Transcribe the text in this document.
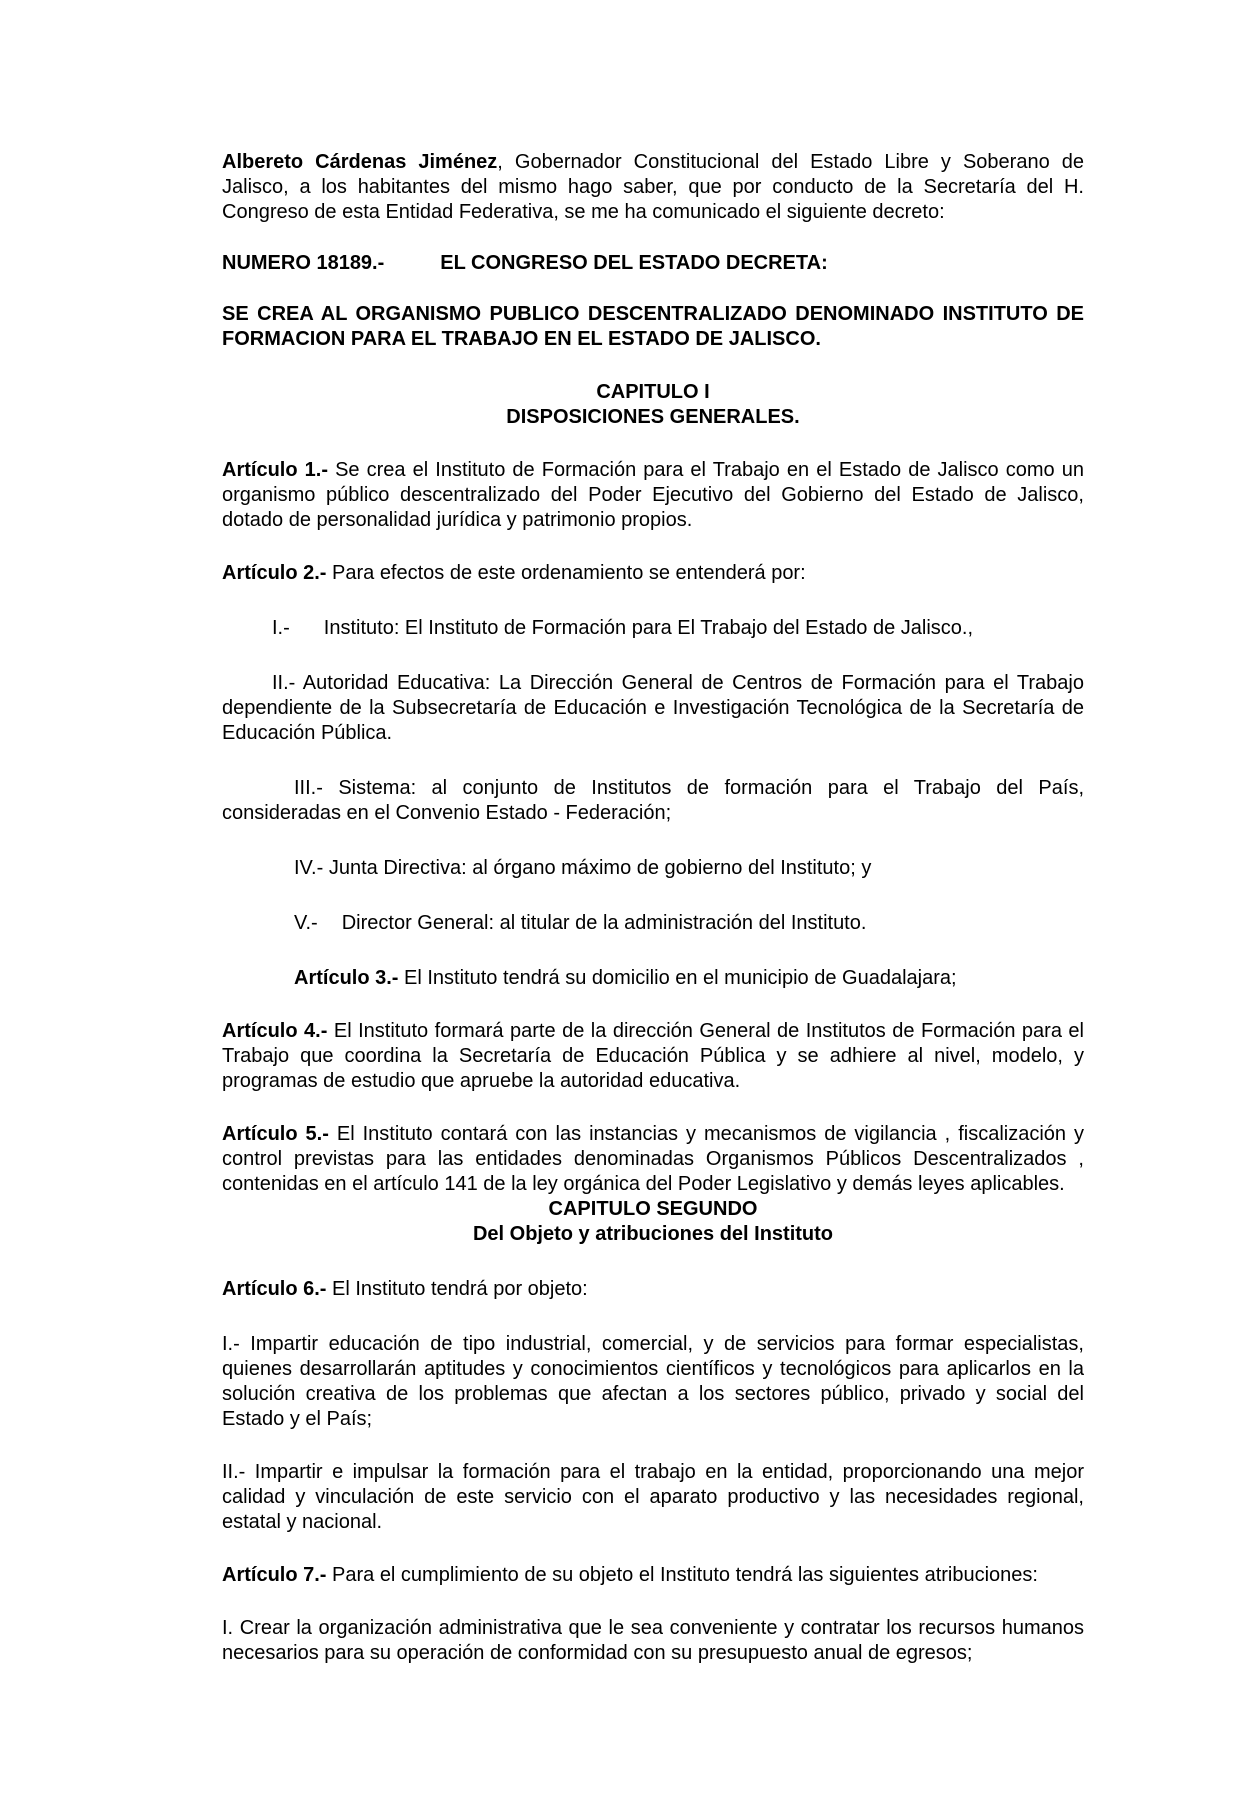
Albereto Cárdenas Jiménez, Gobernador Constitucional del Estado Libre y Soberano de Jalisco, a los habitantes del mismo hago saber, que por conducto de la Secretaría del H. Congreso de esta Entidad Federativa, se me ha comunicado el siguiente decreto:

NUMERO 18189.-	EL CONGRESO DEL ESTADO DECRETA:

SE CREA AL ORGANISMO PUBLICO DESCENTRALIZADO DENOMINADO INSTITUTO DE FORMACION PARA EL TRABAJO EN EL ESTADO DE JALISCO.

CAPITULO I

DISPOSICIONES GENERALES.

Artículo 1.- Se crea el Instituto de Formación para el Trabajo en el Estado de Jalisco como un organismo público descentralizado del Poder Ejecutivo del Gobierno del Estado de Jalisco, dotado de personalidad jurídica y patrimonio propios.

Artículo 2.- Para efectos de este ordenamiento se entenderá por:

I.- Instituto: El Instituto de Formación para El Trabajo del Estado de Jalisco.,

II.- Autoridad Educativa: La Dirección General de Centros de Formación para el Trabajo dependiente de la Subsecretaría de Educación e Investigación Tecnológica de la Secretaría de Educación Pública.

III.- Sistema: al conjunto de Institutos de formación para el Trabajo del País, consideradas en el Convenio Estado - Federación;

IV.- Junta Directiva: al órgano máximo de gobierno del Instituto; y

V.- Director General: al titular de la administración del Instituto.

Artículo 3.- El Instituto tendrá su domicilio en el municipio de Guadalajara;

Artículo 4.- El Instituto formará parte de la dirección General de Institutos de Formación para el Trabajo que coordina la Secretaría de Educación Pública y se adhiere al nivel, modelo, y programas de estudio que apruebe la autoridad educativa.

Artículo 5.- El Instituto contará con las instancias y mecanismos de vigilancia , fiscalización y control previstas para las entidades denominadas Organismos Públicos Descentralizados , contenidas en el artículo 141 de la ley orgánica del Poder Legislativo y demás leyes aplicables.

CAPITULO SEGUNDO

Del Objeto y atribuciones del Instituto

Artículo 6.- El Instituto tendrá por objeto:

I.- Impartir educación de tipo industrial, comercial, y de servicios para formar especialistas, quienes desarrollarán aptitudes y conocimientos científicos y tecnológicos para aplicarlos en la solución creativa de los problemas que afectan a los sectores público, privado y social del Estado y el País;

II.- Impartir e impulsar la formación para el trabajo en la entidad, proporcionando una mejor calidad y vinculación de este servicio con el aparato productivo y las necesidades regional, estatal y nacional.

Artículo 7.- Para el cumplimiento de su objeto el Instituto tendrá las siguientes atribuciones:

I. Crear la organización administrativa que le sea conveniente y contratar los recursos humanos necesarios para su operación de conformidad con su presupuesto anual de egresos;
